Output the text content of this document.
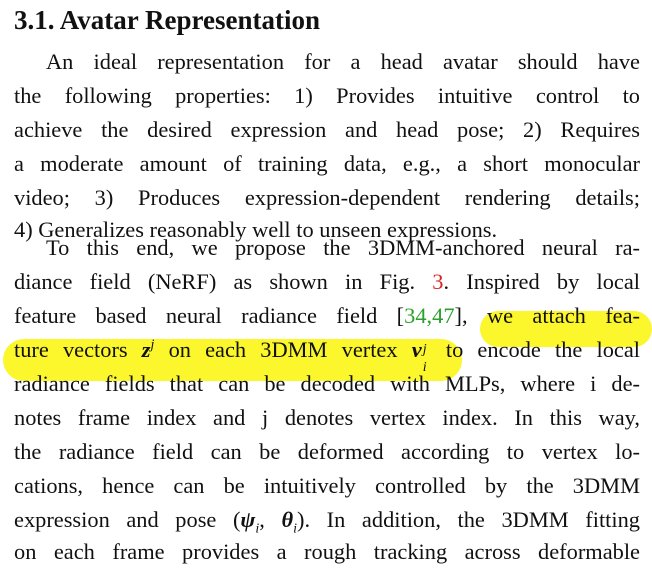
3.1. Avatar Representation
An ideal representation for a head avatar should have
the following properties: 1) Provides intuitive control to
achieve the desired expression and head pose; 2) Requires
a moderate amount of training data, e.g., a short monocular
video; 3) Produces expression-dependent rendering details;
4) Generalizes reasonably well to unseen expressions.
To this end, we propose the 3DMM-anchored neural ra-
diance field (NeRF) as shown in Fig. 3. Inspired by local
feature based neural radiance field [34,47], we attach fea-
ture vectors $z^j$ on each 3DMM vertex v j
i
to encode the local
radiance fields that can be decoded with MLPs, where i de-
notes frame index and j denotes vertex index. In this way,
the radiance field can be deformed according to vertex lo-
cations, hence can be intuitively controlled by the 3DMM
expression and pose ($\psi_i$, $\theta_i$). In addition, the 3DMM fitting
on each frame provides a rough tracking across deformable
